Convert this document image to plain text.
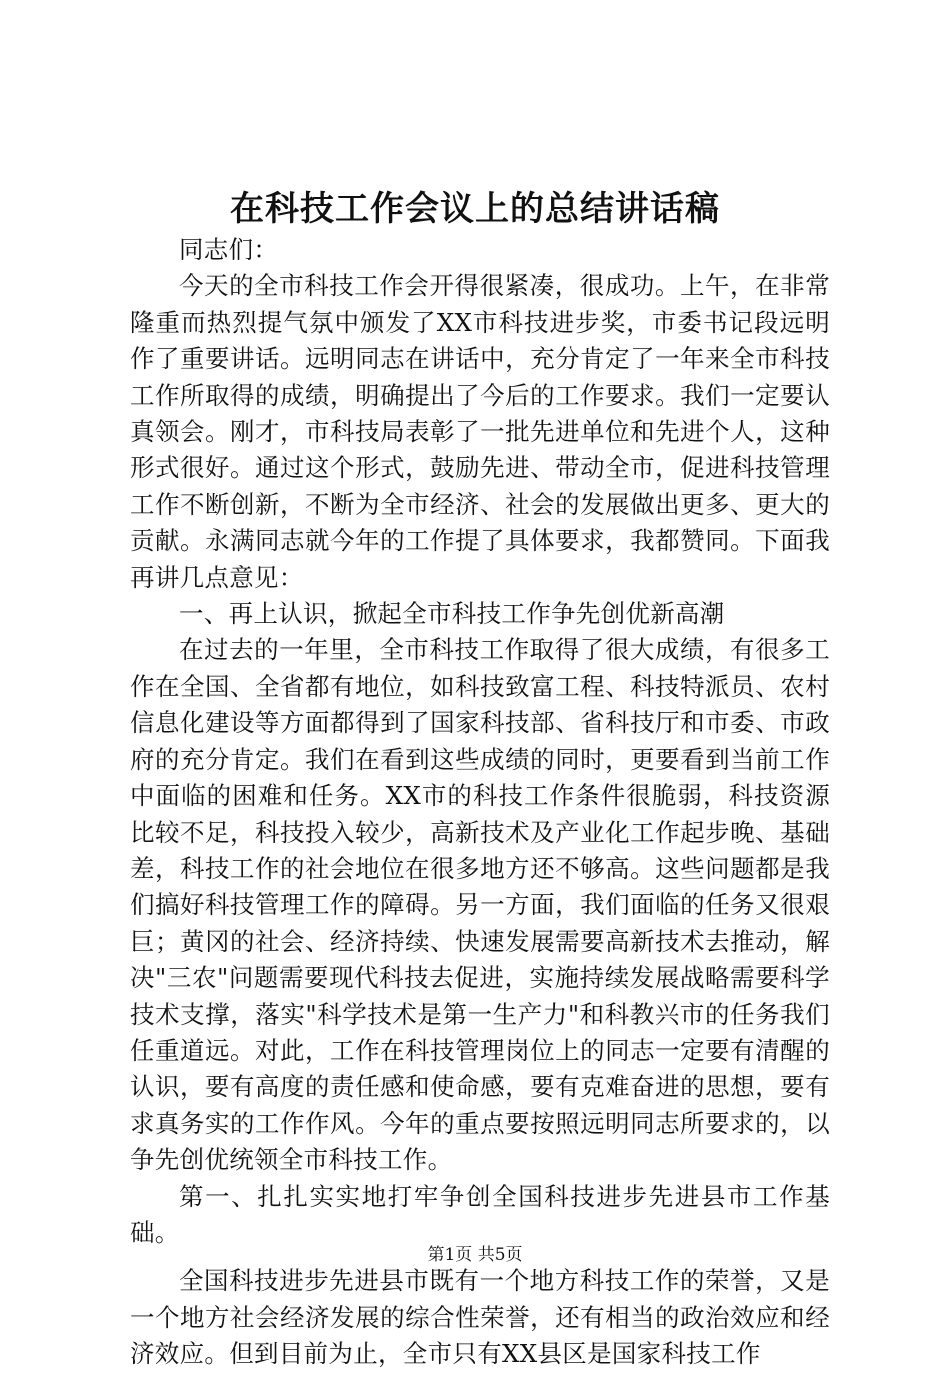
在科技工作会议上的总结讲话稿

同志们：

今天的全市科技工作会开得很紧凑，很成功。上午，在非常隆重而热烈提气氛中颁发了XX市科技进步奖，市委书记段远明作了重要讲话。远明同志在讲话中，充分肯定了一年来全市科技工作所取得的成绩，明确提出了今后的工作要求。我们一定要认真领会。刚才，市科技局表彰了一批先进单位和先进个人，这种形式很好。通过这个形式，鼓励先进、带动全市，促进科技管理工作不断创新，不断为全市经济、社会的发展做出更多、更大的贡献。永满同志就今年的工作提了具体要求，我都赞同。下面我再讲几点意见：

一、再上认识，掀起全市科技工作争先创优新高潮

在过去的一年里，全市科技工作取得了很大成绩，有很多工作在全国、全省都有地位，如科技致富工程、科技特派员、农村信息化建设等方面都得到了国家科技部、省科技厅和市委、市政府的充分肯定。我们在看到这些成绩的同时，更要看到当前工作中面临的困难和任务。XX市的科技工作条件很脆弱，科技资源比较不足，科技投入较少，高新技术及产业化工作起步晚、基础差，科技工作的社会地位在很多地方还不够高。这些问题都是我们搞好科技管理工作的障碍。另一方面，我们面临的任务又很艰巨；黄冈的社会、经济持续、快速发展需要高新技术去推动，解决"三农"问题需要现代科技去促进，实施持续发展战略需要科学技术支撑，落实"科学技术是第一生产力"和科教兴市的任务我们任重道远。对此，工作在科技管理岗位上的同志一定要有清醒的认识，要有高度的责任感和使命感，要有克难奋进的思想，要有求真务实的工作作风。今年的重点要按照远明同志所要求的，以争先创优统领全市科技工作。

第一、扎扎实实地打牢争创全国科技进步先进县市工作基础。

全国科技进步先进县市既有一个地方科技工作的荣誉，又是一个地方社会经济发展的综合性荣誉，还有相当的政治效应和经济效应。但到目前为止，全市只有XX县区是国家科技工作

第1页 共5页
